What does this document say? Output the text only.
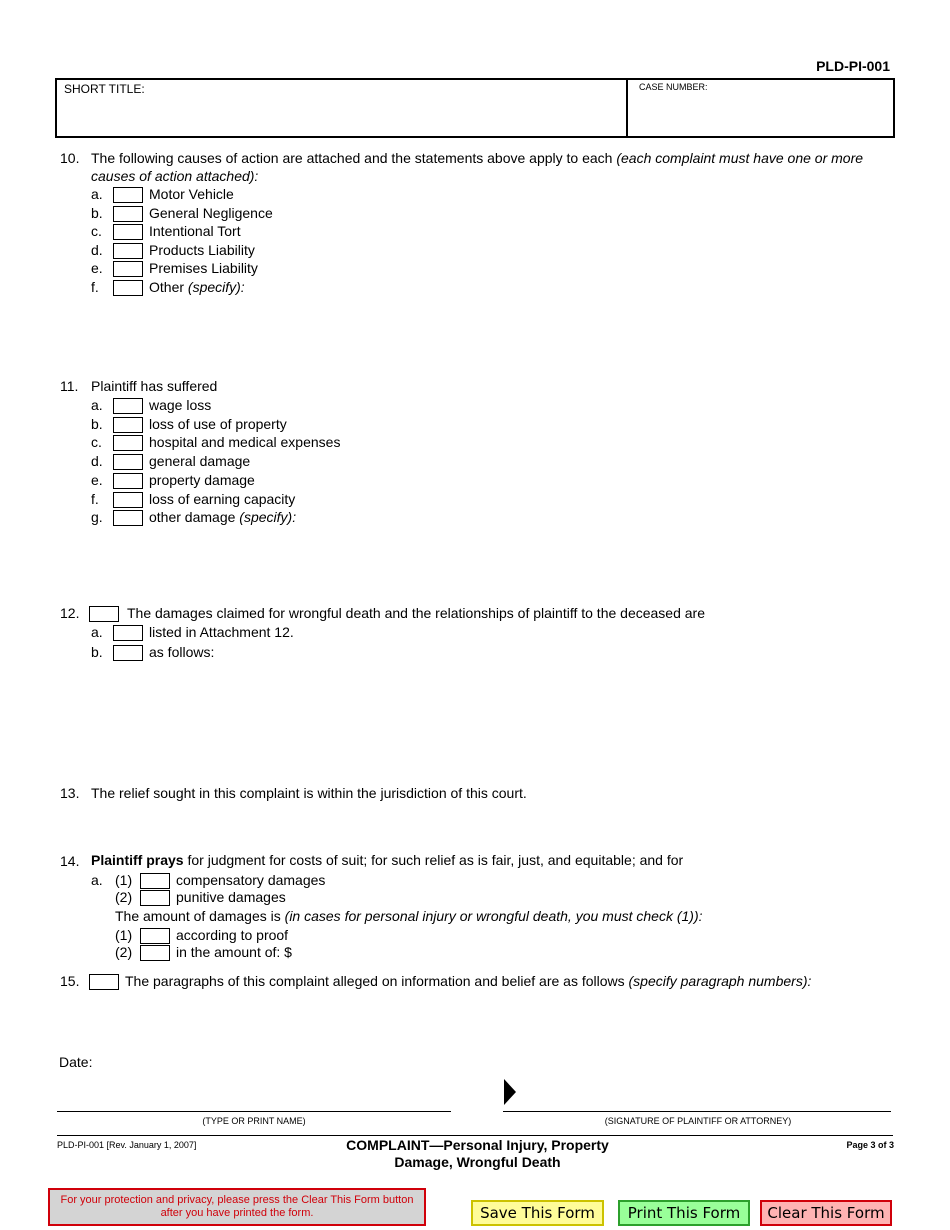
PLD-PI-001
SHORT TITLE:	CASE NUMBER:
10. The following causes of action are attached and the statements above apply to each (each complaint must have one or more
causes of action attached):
a.	Motor Vehicle
b.	General Negligence
c.	Intentional Tort
d.	Products Liability
e.	Premises Liability
f.	Other (specify):
11. Plaintiff has suffered
a.	wage loss
b.	loss of use of property
c.	hospital and medical expenses
d.	general damage
e.	property damage
f.	loss of earning capacity
g.	other damage (specify):
12.	The damages claimed for wrongful death and the relationships of plaintiff to the deceased are
a.	listed in Attachment 12.
b.	as follows:
13. The relief sought in this complaint is within the jurisdiction of this court.
14. Plaintiff prays for judgment for costs of suit; for such relief as is fair, just, and equitable; and for
a. (1)	compensatory damages
(2)	punitive damages
The amount of damages is (in cases for personal injury or wrongful death, you must check (1)):
(1)	according to proof
(2)	in the amount of: $
15.	The paragraphs of this complaint alleged on information and belief are as follows (specify paragraph numbers):
Date:
(TYPE OR PRINT NAME)	(SIGNATURE OF PLAINTIFF OR ATTORNEY)
PLD-PI-001 [Rev. January 1, 2007]	COMPLAINT—Personal Injury, Property
Damage, Wrongful Death
Page 3 of 3
For your protection and privacy, please press the Clear This Form button after you have printed the form.	Save This Form	Print This Form	Clear This Form
